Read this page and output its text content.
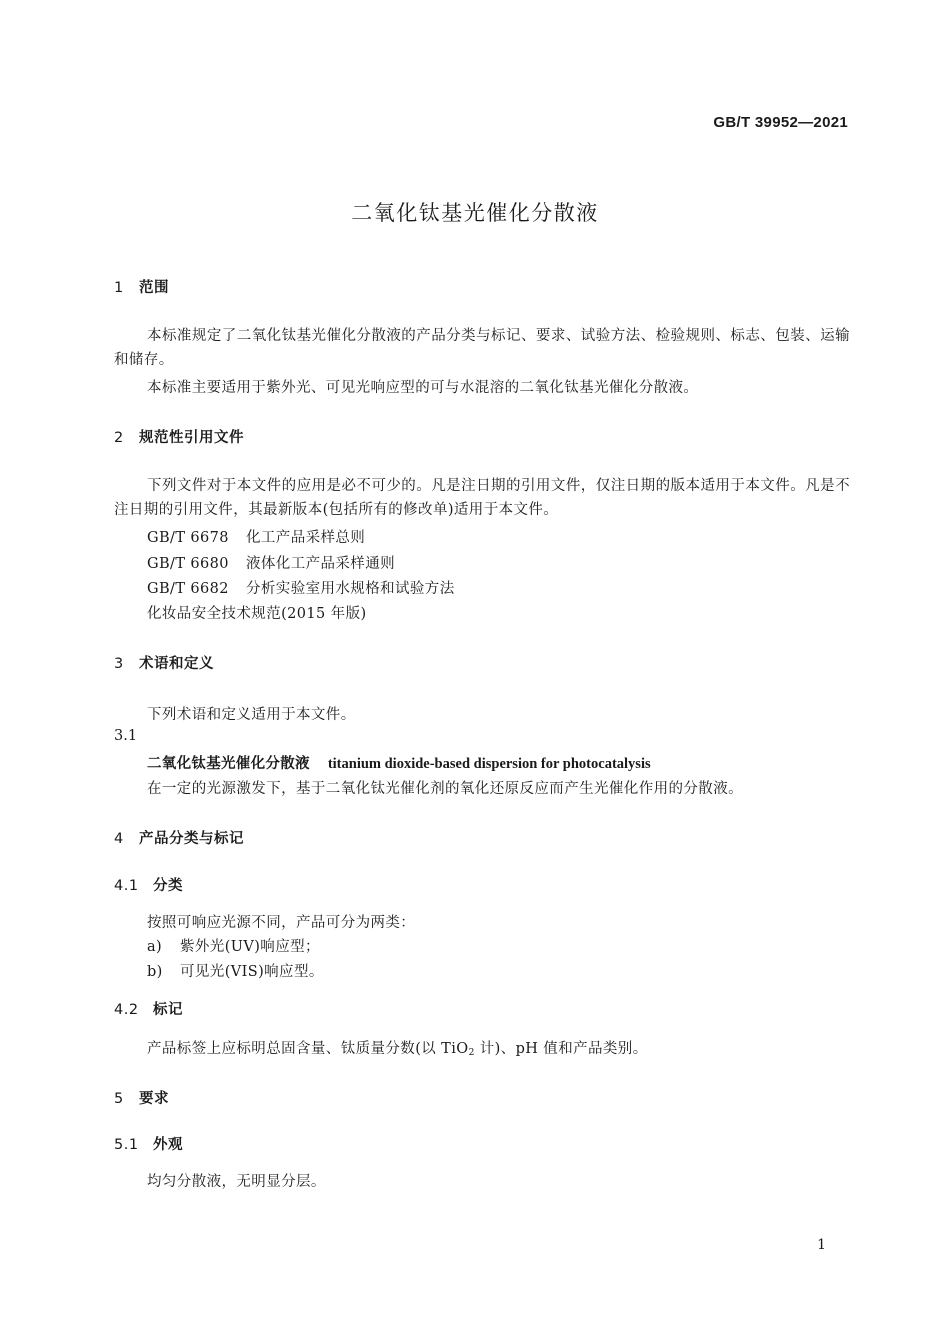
GB/T 39952—2021
二氧化钛基光催化分散液
1 范围
本标准规定了二氧化钛基光催化分散液的产品分类与标记、要求、试验方法、检验规则、标志、包装、运输和储存。
本标准主要适用于紫外光、可见光响应型的可与水混溶的二氧化钛基光催化分散液。
2 规范性引用文件
下列文件对于本文件的应用是必不可少的。凡是注日期的引用文件，仅注日期的版本适用于本文件。凡是不注日期的引用文件，其最新版本(包括所有的修改单)适用于本文件。
GB/T 6678 化工产品采样总则
GB/T 6680 液体化工产品采样通则
GB/T 6682 分析实验室用水规格和试验方法
化妆品安全技术规范(2015 年版)
3 术语和定义
下列术语和定义适用于本文件。
3.1
二氧化钛基光催化分散液 titanium dioxide-based dispersion for photocatalysis
在一定的光源激发下，基于二氧化钛光催化剂的氧化还原反应而产生光催化作用的分散液。
4 产品分类与标记
4.1 分类
按照可响应光源不同，产品可分为两类：
a) 紫外光(UV)响应型；
b) 可见光(VIS)响应型。
4.2 标记
产品标签上应标明总固含量、钛质量分数(以 TiO$_2$ 计)、pH 值和产品类别。
5 要求
5.1 外观
均匀分散液，无明显分层。
1
